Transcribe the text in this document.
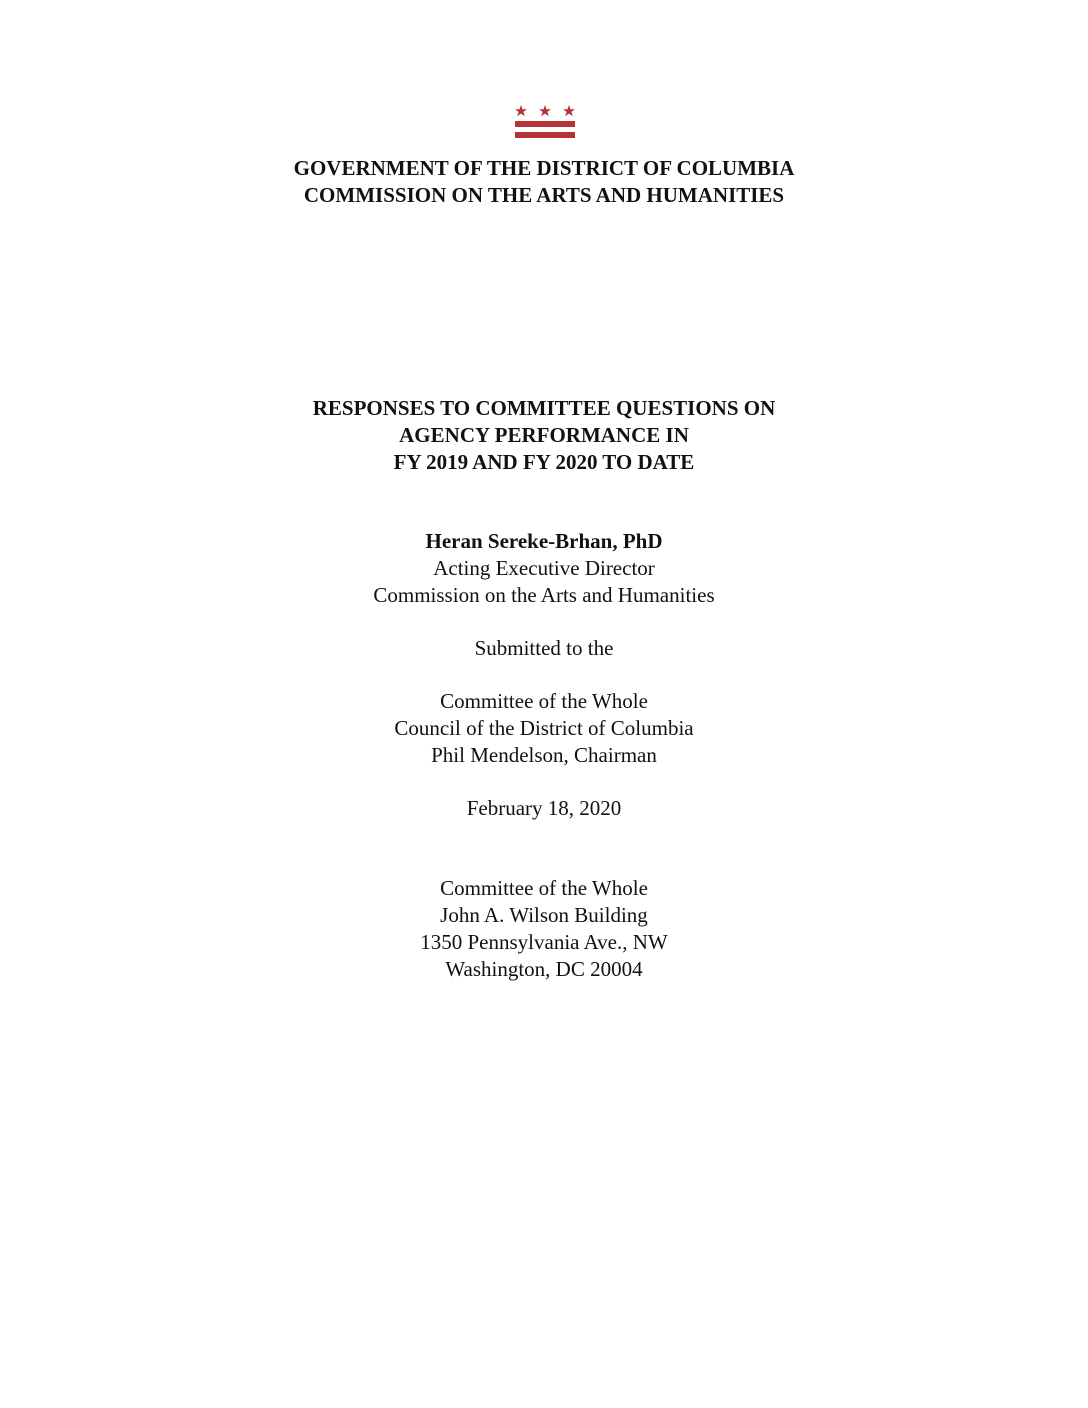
GOVERNMENT OF THE DISTRICT OF COLUMBIA
COMMISSION ON THE ARTS AND HUMANITIES
RESPONSES TO COMMITTEE QUESTIONS ON
AGENCY PERFORMANCE IN
FY 2019 AND FY 2020 TO DATE
Heran Sereke-Brhan, PhD
Acting Executive Director
Commission on the Arts and Humanities
Submitted to the
Committee of the Whole
Council of the District of Columbia
Phil Mendelson, Chairman
February 18, 2020
Committee of the Whole
John A. Wilson Building
1350 Pennsylvania Ave., NW
Washington, DC 20004
